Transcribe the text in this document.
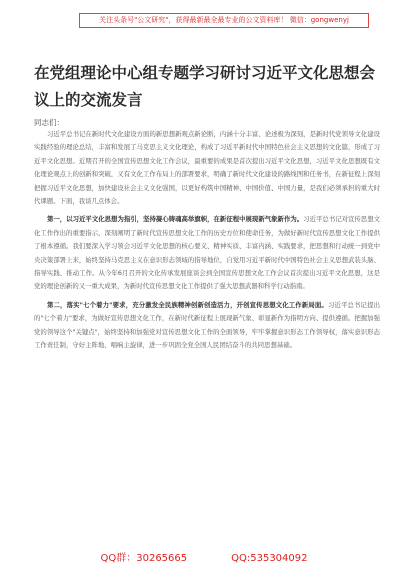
关注头条号"公文研究"，获得最新最全最专业的公文资料库！ 微信：gongwenyj
在党组理论中心组专题学习研讨习近平文化思想会议上的交流发言
同志们：

习近平总书记在新时代文化建设方面的新思想新观点新论断，内涵十分丰富、论述极为深刻，是新时代党领导文化建设实践经验的理论总结，丰富和发展了马克思主义文化理论，构成了习近平新时代中国特色社会主义思想的文化篇，形成了习近平文化思想。近期召开的全国宣传思想文化工作会议，最重要的成果是首次提出习近平文化思想，习近平文化思想既有文化理论观点上的创新和突破，又有文化工作布局上的部署要求，明确了新时代文化建设的路线图和任务书，在新征程上深刻把握习近平文化思想，加快建设社会主义文化强国，以更好构筑中国精神、中国价值、中国力量，是我们必须承担的重大时代课题。下面，我谈几点体会。

第一，以习近平文化思想为指引，坚持凝心铸魂高举旗帜，在新征程中展现新气象新作为。习近平总书记对宣传思想文化工作作出的重要指示，深刻阐明了新时代宣传思想文化工作的历史方位和使命任务，为做好新时代宣传思想文化工作提供了根本遵循。我们要深入学习领会习近平文化思想的核心要义、精神实质、丰富内涵、实践要求，把思想和行动统一到党中央决策部署上来，始终坚持马克思主义在意识形态领域的指导地位，自觉用习近平新时代中国特色社会主义思想武装头脑、指导实践、推动工作。从今年6月召开的文化传承发展座谈会到全国宣传思想文化工作会议首次提出习近平文化思想，这是党的理论创新的又一重大成果，为新时代宣传思想文化工作提供了强大思想武器和科学行动指南。

第二，落实"七个着力"要求，充分激发全民族精神创新创造活力，开创宣传思想文化工作新局面。习近平总书记提出的"七个着力"要求，为做好宣传思想文化工作，在新时代新征程上展现新气象、彰显新作为指明方向、提供遵循。把握加强党的领导这个"关键点"，始终坚持和加强党对宣传思想文化工作的全面领导，牢牢掌握意识形态工作领导权，落实意识形态工作责任制，守好主阵地、唱响主旋律，进一步巩固全党全国人民团结奋斗的共同思想基础。

QQ群：30265665	QQ:535304092
